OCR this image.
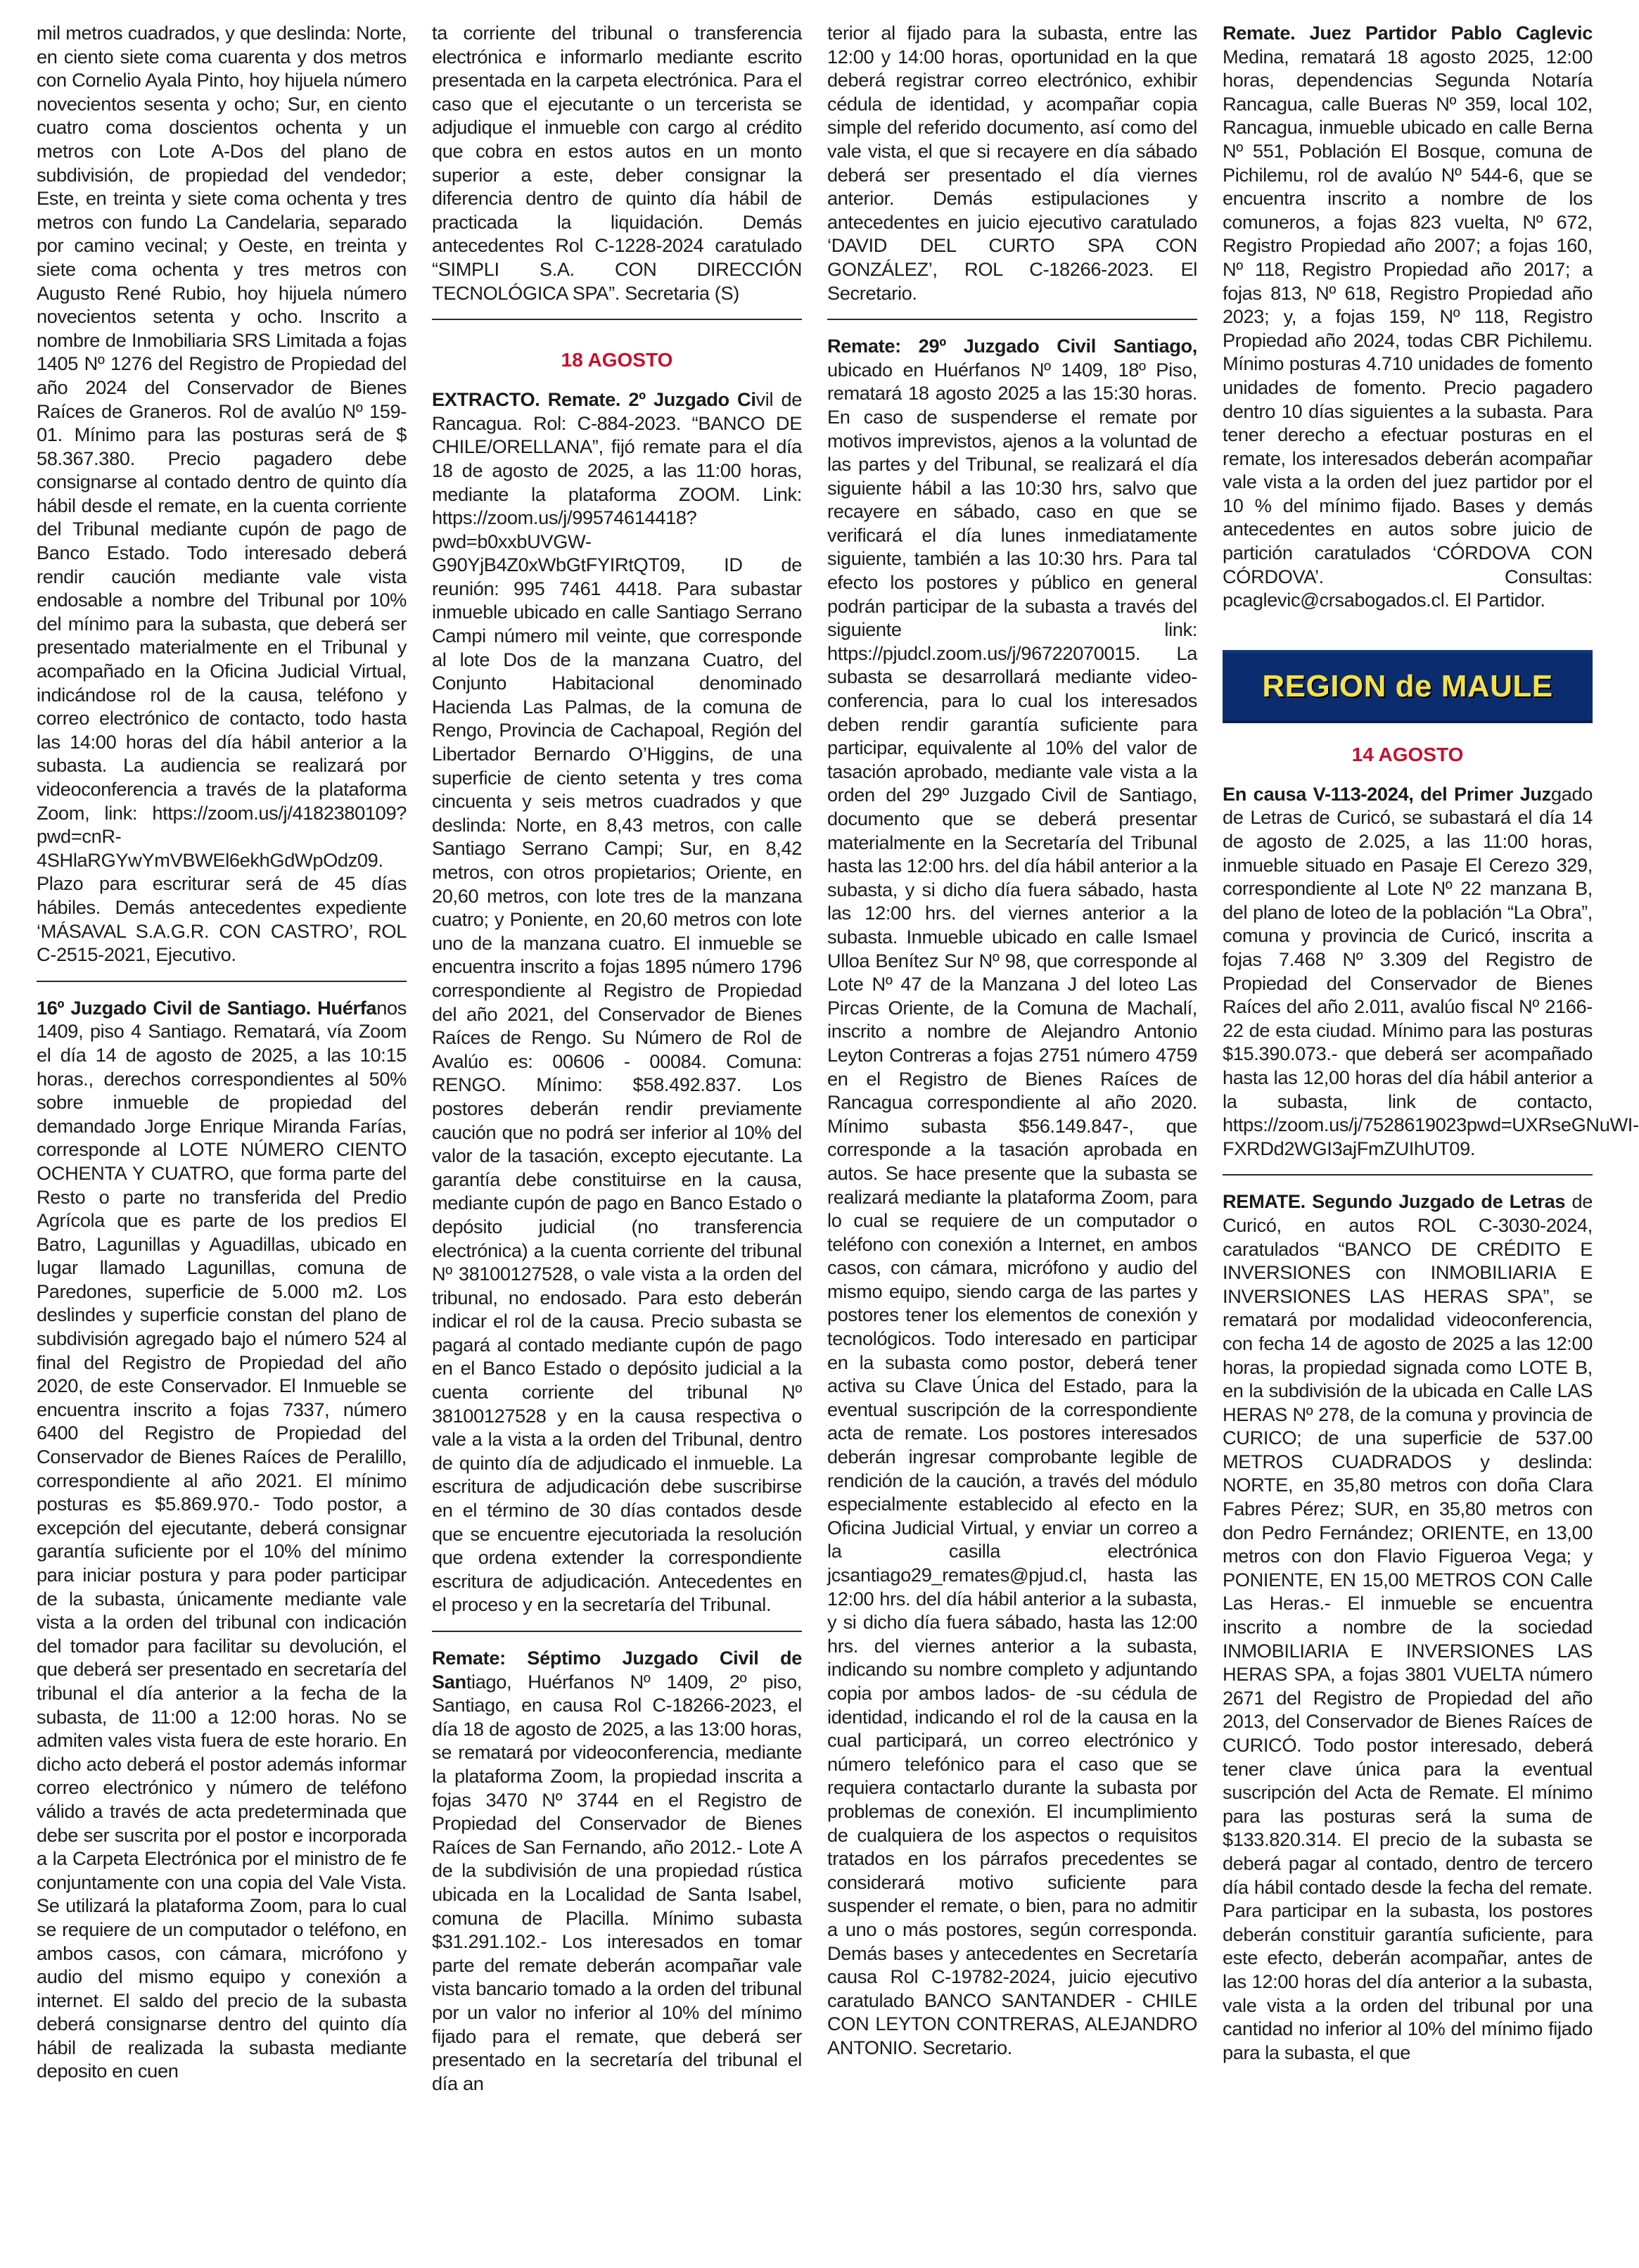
mil metros cuadrados, y que deslinda: Norte, en ciento siete coma cuarenta y dos metros con Cornelio Ayala Pinto, hoy hijuela número novecientos sesenta y ocho; Sur, en ciento cuatro coma doscientos ochenta y un metros con Lote A-Dos del plano de subdivisión, de propiedad del vendedor; Este, en treinta y siete coma ochenta y tres metros con fundo La Candelaria, separado por camino vecinal; y Oeste, en treinta y siete coma ochenta y tres metros con Augusto René Rubio, hoy hijuela número novecientos setenta y ocho. Inscrito a nombre de Inmobiliaria SRS Limitada a fojas 1405 Nº 1276 del Registro de Propiedad del año 2024 del Conservador de Bienes Raíces de Graneros. Rol de avalúo Nº 159-01. Mínimo para las posturas será de $ 58.367.380. Precio pagadero debe consignarse al contado dentro de quinto día hábil desde el remate, en la cuenta corriente del Tribunal mediante cupón de pago de Banco Estado. Todo interesado deberá rendir caución mediante vale vista endosable a nombre del Tribunal por 10% del mínimo para la subasta, que deberá ser presentado materialmente en el Tribunal y acompañado en la Oficina Judicial Virtual, indicándose rol de la causa, teléfono y correo electrónico de contacto, todo hasta las 14:00 horas del día hábil anterior a la subasta. La audiencia se realizará por videoconferencia a través de la plataforma Zoom, link: https://zoom.us/j/4182380109?pwd=cnR-4SHlaRGYwYmVBWEl6ekhGdWpOdz09. Plazo para escriturar será de 45 días hábiles. Demás antecedentes expediente ‘MÁSAVAL S.A.G.R. CON CASTRO’, ROL C-2515-2021, Ejecutivo.

16º Juzgado Civil de Santiago. Huérfanos 1409, piso 4 Santiago. Rematará, vía Zoom el día 14 de agosto de 2025, a las 10:15 horas., derechos correspondientes al 50% sobre inmueble de propiedad del demandado Jorge Enrique Miranda Farías, corresponde al LOTE NÚMERO CIENTO OCHENTA Y CUATRO, que forma parte del Resto o parte no transferida del Predio Agrícola que es parte de los predios El Batro, Lagunillas y Aguadillas, ubicado en lugar llamado Lagunillas, comuna de Paredones, superficie de 5.000 m2. Los deslindes y superficie constan del plano de subdivisión agregado bajo el número 524 al final del Registro de Propiedad del año 2020, de este Conservador. El Inmueble se encuentra inscrito a fojas 7337, número 6400 del Registro de Propiedad del Conservador de Bienes Raíces de Peralillo, correspondiente al año 2021. El mínimo posturas es $5.869.970.- Todo postor, a excepción del ejecutante, deberá consignar garantía suficiente por el 10% del mínimo para iniciar postura y para poder participar de la subasta, únicamente mediante vale vista a la orden del tribunal con indicación del tomador para facilitar su devolución, el que deberá ser presentado en secretaría del tribunal el día anterior a la fecha de la subasta, de 11:00 a 12:00 horas. No se admiten vales vista fuera de este horario. En dicho acto deberá el postor además informar correo electrónico y número de teléfono válido a través de acta predeterminada que debe ser suscrita por el postor e incorporada a la Carpeta Electrónica por el ministro de fe conjuntamente con una copia del Vale Vista. Se utilizará la plataforma Zoom, para lo cual se requiere de un computador o teléfono, en ambos casos, con cámara, micrófono y audio del mismo equipo y conexión a internet. El saldo del precio de la subasta deberá consignarse dentro del quinto día hábil de realizada la subasta mediante deposito en cuen

ta corriente del tribunal o transferencia electrónica e informarlo mediante escrito presentada en la carpeta electrónica. Para el caso que el ejecutante o un tercerista se adjudique el inmueble con cargo al crédito que cobra en estos autos en un monto superior a este, deber consignar la diferencia dentro de quinto día hábil de practicada la liquidación. Demás antecedentes Rol C-1228-2024 caratulado “SIMPLI S.A. CON DIRECCIÓN TECNOLÓGICA SPA”. Secretaria (S)

18 AGOSTO

EXTRACTO. Remate. 2º Juzgado Civil de Rancagua. Rol: C-884-2023. “BANCO DE CHILE/ORELLANA”, fijó remate para el día 18 de agosto de 2025, a las 11:00 horas, mediante la plataforma ZOOM. Link: https://zoom.us/j/99574614418?pwd=b0xxbUVGW-G90YjB4Z0xWbGtFYIRtQT09, ID de reunión: 995 7461 4418. Para subastar inmueble ubicado en calle Santiago Serrano Campi número mil veinte, que corresponde al lote Dos de la manzana Cuatro, del Conjunto Habitacional denominado Hacienda Las Palmas, de la comuna de Rengo, Provincia de Cachapoal, Región del Libertador Bernardo O’Higgins, de una superficie de ciento setenta y tres coma cincuenta y seis metros cuadrados y que deslinda: Norte, en 8,43 metros, con calle Santiago Serrano Campi; Sur, en 8,42 metros, con otros propietarios; Oriente, en 20,60 metros, con lote tres de la manzana cuatro; y Poniente, en 20,60 metros con lote uno de la manzana cuatro. El inmueble se encuentra inscrito a fojas 1895 número 1796 correspondiente al Registro de Propiedad del año 2021, del Conservador de Bienes Raíces de Rengo. Su Número de Rol de Avalúo es: 00606 - 00084. Comuna: RENGO. Mínimo: $58.492.837. Los postores deberán rendir previamente caución que no podrá ser inferior al 10% del valor de la tasación, excepto ejecutante. La garantía debe constituirse en la causa, mediante cupón de pago en Banco Estado o depósito judicial (no transferencia electrónica) a la cuenta corriente del tribunal Nº 38100127528, o vale vista a la orden del tribunal, no endosado. Para esto deberán indicar el rol de la causa. Precio subasta se pagará al contado mediante cupón de pago en el Banco Estado o depósito judicial a la cuenta corriente del tribunal Nº 38100127528 y en la causa respectiva o vale a la vista a la orden del Tribunal, dentro de quinto día de adjudicado el inmueble. La escritura de adjudicación debe suscribirse en el término de 30 días contados desde que se encuentre ejecutoriada la resolución que ordena extender la correspondiente escritura de adjudicación. Antecedentes en el proceso y en la secretaría del Tribunal.

Remate: Séptimo Juzgado Civil de Santiago, Huérfanos Nº 1409, 2º piso, Santiago, en causa Rol C-18266-2023, el día 18 de agosto de 2025, a las 13:00 horas, se rematará por videoconferencia, mediante la plataforma Zoom, la propiedad inscrita a fojas 3470 Nº 3744 en el Registro de Propiedad del Conservador de Bienes Raíces de San Fernando, año 2012.- Lote A de la subdivisión de una propiedad rústica ubicada en la Localidad de Santa Isabel, comuna de Placilla. Mínimo subasta $31.291.102.- Los interesados en tomar parte del remate deberán acompañar vale vista bancario tomado a la orden del tribunal por un valor no inferior al 10% del mínimo fijado para el remate, que deberá ser presentado en la secretaría del tribunal el día an

terior al fijado para la subasta, entre las 12:00 y 14:00 horas, oportunidad en la que deberá registrar correo electrónico, exhibir cédula de identidad, y acompañar copia simple del referido documento, así como del vale vista, el que si recayere en día sábado deberá ser presentado el día viernes anterior. Demás estipulaciones y antecedentes en juicio ejecutivo caratulado ‘DAVID DEL CURTO SPA CON GONZÁLEZ’, ROL C-18266-2023. El Secretario.

Remate: 29º Juzgado Civil Santiago, ubicado en Huérfanos Nº 1409, 18º Piso, rematará 18 agosto 2025 a las 15:30 horas. En caso de suspenderse el remate por motivos imprevistos, ajenos a la voluntad de las partes y del Tribunal, se realizará el día siguiente hábil a las 10:30 hrs, salvo que recayere en sábado, caso en que se verificará el día lunes inmediatamente siguiente, también a las 10:30 hrs. Para tal efecto los postores y público en general podrán participar de la subasta a través del siguiente link: https://pjudcl.zoom.us/j/96722070015. La subasta se desarrollará mediante video-conferencia, para lo cual los interesados deben rendir garantía suficiente para participar, equivalente al 10% del valor de tasación aprobado, mediante vale vista a la orden del 29º Juzgado Civil de Santiago, documento que se deberá presentar materialmente en la Secretaría del Tribunal hasta las 12:00 hrs. del día hábil anterior a la subasta, y si dicho día fuera sábado, hasta las 12:00 hrs. del viernes anterior a la subasta. Inmueble ubicado en calle Ismael Ulloa Benítez Sur Nº 98, que corresponde al Lote Nº 47 de la Manzana J del loteo Las Pircas Oriente, de la Comuna de Machalí, inscrito a nombre de Alejandro Antonio Leyton Contreras a fojas 2751 número 4759 en el Registro de Bienes Raíces de Rancagua correspondiente al año 2020. Mínimo subasta $56.149.847-, que corresponde a la tasación aprobada en autos. Se hace presente que la subasta se realizará mediante la plataforma Zoom, para lo cual se requiere de un computador o teléfono con conexión a Internet, en ambos casos, con cámara, micrófono y audio del mismo equipo, siendo carga de las partes y postores tener los elementos de conexión y tecnológicos. Todo interesado en participar en la subasta como postor, deberá tener activa su Clave Única del Estado, para la eventual suscripción de la correspondiente acta de remate. Los postores interesados deberán ingresar comprobante legible de rendición de la caución, a través del módulo especialmente establecido al efecto en la Oficina Judicial Virtual, y enviar un correo a la casilla electrónica jcsantiago29_remates@pjud.cl, hasta las 12:00 hrs. del día hábil anterior a la subasta, y si dicho día fuera sábado, hasta las 12:00 hrs. del viernes anterior a la subasta, indicando su nombre completo y adjuntando copia por ambos lados- de -su cédula de identidad, indicando el rol de la causa en la cual participará, un correo electrónico y número telefónico para el caso que se requiera contactarlo durante la subasta por problemas de conexión. El incumplimiento de cualquiera de los aspectos o requisitos tratados en los párrafos precedentes se considerará motivo suficiente para suspender el remate, o bien, para no admitir a uno o más postores, según corresponda. Demás bases y antecedentes en Secretaría causa Rol C-19782-2024, juicio ejecutivo caratulado BANCO SANTANDER - CHILE CON LEYTON CONTRERAS, ALEJANDRO ANTONIO. Secretario.

Remate. Juez Partidor Pablo Caglevic Medina, rematará 18 agosto 2025, 12:00 horas, dependencias Segunda Notaría Rancagua, calle Bueras Nº 359, local 102, Rancagua, inmueble ubicado en calle Berna Nº 551, Población El Bosque, comuna de Pichilemu, rol de avalúo Nº 544-6, que se encuentra inscrito a nombre de los comuneros, a fojas 823 vuelta, Nº 672, Registro Propiedad año 2007; a fojas 160, Nº 118, Registro Propiedad año 2017; a fojas 813, Nº 618, Registro Propiedad año 2023; y, a fojas 159, Nº 118, Registro Propiedad año 2024, todas CBR Pichilemu. Mínimo posturas 4.710 unidades de fomento unidades de fomento. Precio pagadero dentro 10 días siguientes a la subasta. Para tener derecho a efectuar posturas en el remate, los interesados deberán acompañar vale vista a la orden del juez partidor por el 10 % del mínimo fijado. Bases y demás antecedentes en autos sobre juicio de partición caratulados ‘CÓRDOVA CON CÓRDOVA’. Consultas: pcaglevic@crsabogados.cl. El Partidor.

REGION de MAULE
14 AGOSTO

En causa V-113-2024, del Primer Juzgado de Letras de Curicó, se subastará el día 14 de agosto de 2.025, a las 11:00 horas, inmueble situado en Pasaje El Cerezo 329, correspondiente al Lote Nº 22 manzana B, del plano de loteo de la población “La Obra”, comuna y provincia de Curicó, inscrita a fojas 7.468 Nº 3.309 del Registro de Propiedad del Conservador de Bienes Raíces del año 2.011, avalúo fiscal Nº 2166-22 de esta ciudad. Mínimo para las posturas $15.390.073.- que deberá ser acompañado hasta las 12,00 horas del día hábil anterior a la subasta, link de contacto, https://zoom.us/j/7528619023pwd=UXRseGNuWI-FXRDd2WGI3ajFmZUIhUT09.

REMATE. Segundo Juzgado de Letras de Curicó, en autos ROL C-3030-2024, caratulados “BANCO DE CRÉDITO E INVERSIONES con INMOBILIARIA E INVERSIONES LAS HERAS SPA”, se rematará por modalidad videoconferencia, con fecha 14 de agosto de 2025 a las 12:00 horas, la propiedad signada como LOTE B, en la subdivisión de la ubicada en Calle LAS HERAS Nº 278, de la comuna y provincia de CURICO; de una superficie de 537.00 METROS CUADRADOS y deslinda: NORTE, en 35,80 metros con doña Clara Fabres Pérez; SUR, en 35,80 metros con don Pedro Fernández; ORIENTE, en 13,00 metros con don Flavio Figueroa Vega; y PONIENTE, EN 15,00 METROS CON Calle Las Heras.- El inmueble se encuentra inscrito a nombre de la sociedad INMOBILIARIA E INVERSIONES LAS HERAS SPA, a fojas 3801 VUELTA número 2671 del Registro de Propiedad del año 2013, del Conservador de Bienes Raíces de CURICÓ. Todo postor interesado, deberá tener clave única para la eventual suscripción del Acta de Remate. El mínimo para las posturas será la suma de $133.820.314. El precio de la subasta se deberá pagar al contado, dentro de tercero día hábil contado desde la fecha del remate. Para participar en la subasta, los postores deberán constituir garantía suficiente, para este efecto, deberán acompañar, antes de las 12:00 horas del día anterior a la subasta, vale vista a la orden del tribunal por una cantidad no inferior al 10% del mínimo fijado para la subasta, el que
